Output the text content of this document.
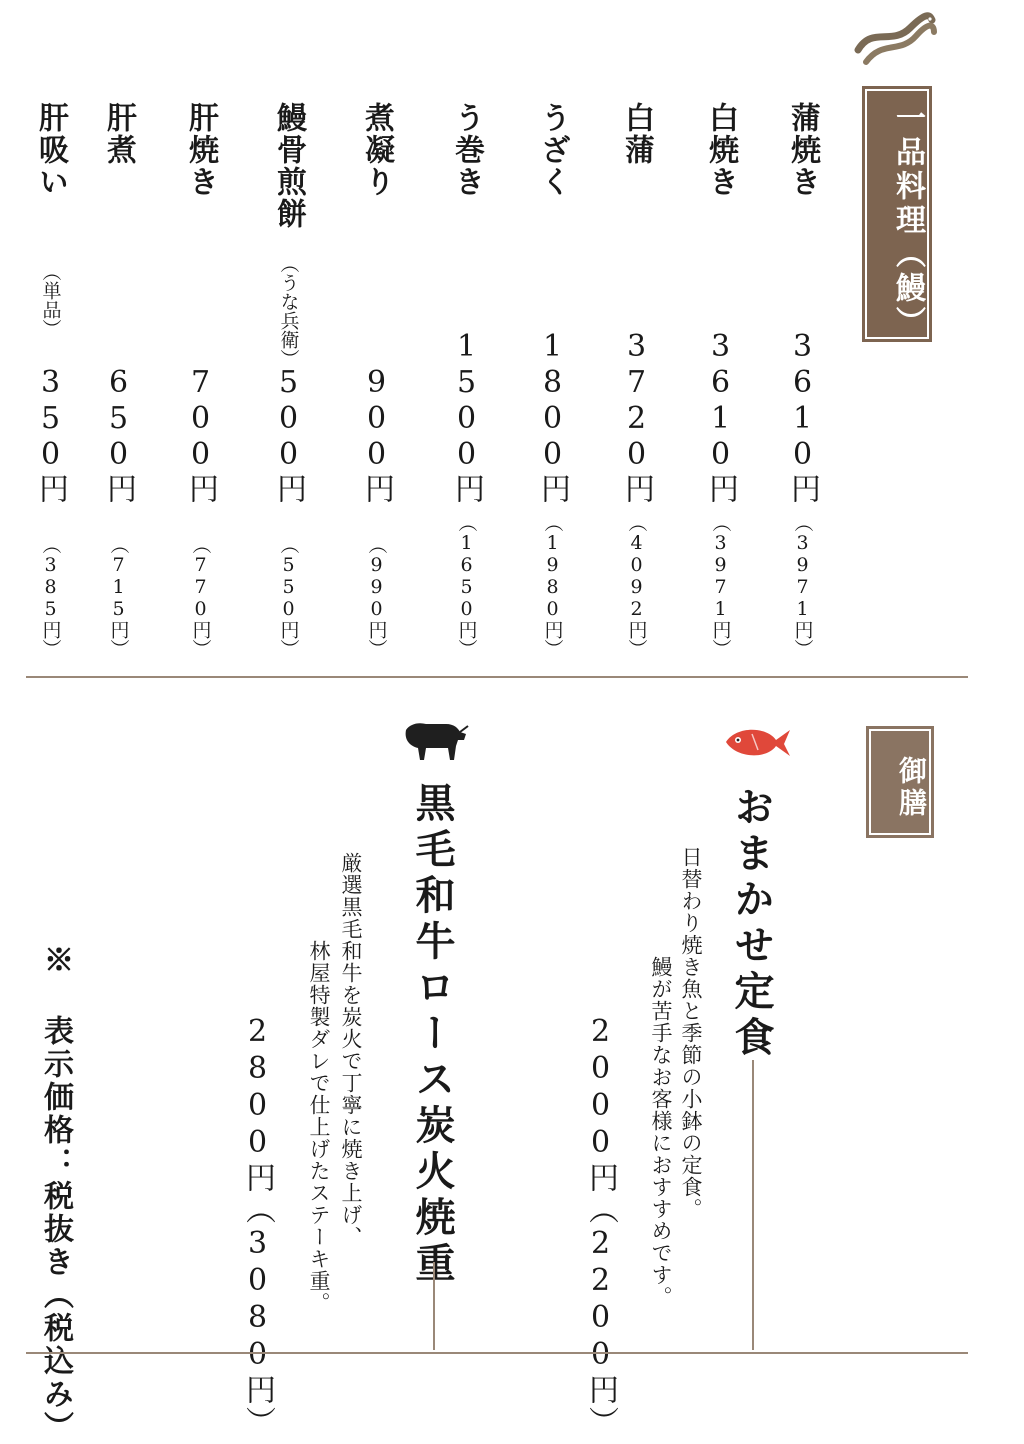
一品料理（鰻）
蒲焼き
3610円
（3971円）
白焼き
3610円
（3971円）
白蒲
3720円
（4092円）
うざく
1800円
（1980円）
う巻き
1500円
（1650円）
煮凝り
900円
（990円）
鰻骨煎餅
（うな兵衛）
500円
（550円）
肝焼き
700円
（770円）
肝煮
650円
（715円）
肝吸い
（単品）
350円
（385円）
御膳
おまかせ定食
日替わり焼き魚と季節の小鉢の定食。
鰻が苦手なお客様におすすめです。
2000円（2200円）
黒毛和牛ロース炭火焼重
厳選黒毛和牛を炭火で丁寧に焼き上げ、
林屋特製ダレで仕上げたステーキ重。
2800円（3080円）
※ 表示価格：税抜き（税込み）
